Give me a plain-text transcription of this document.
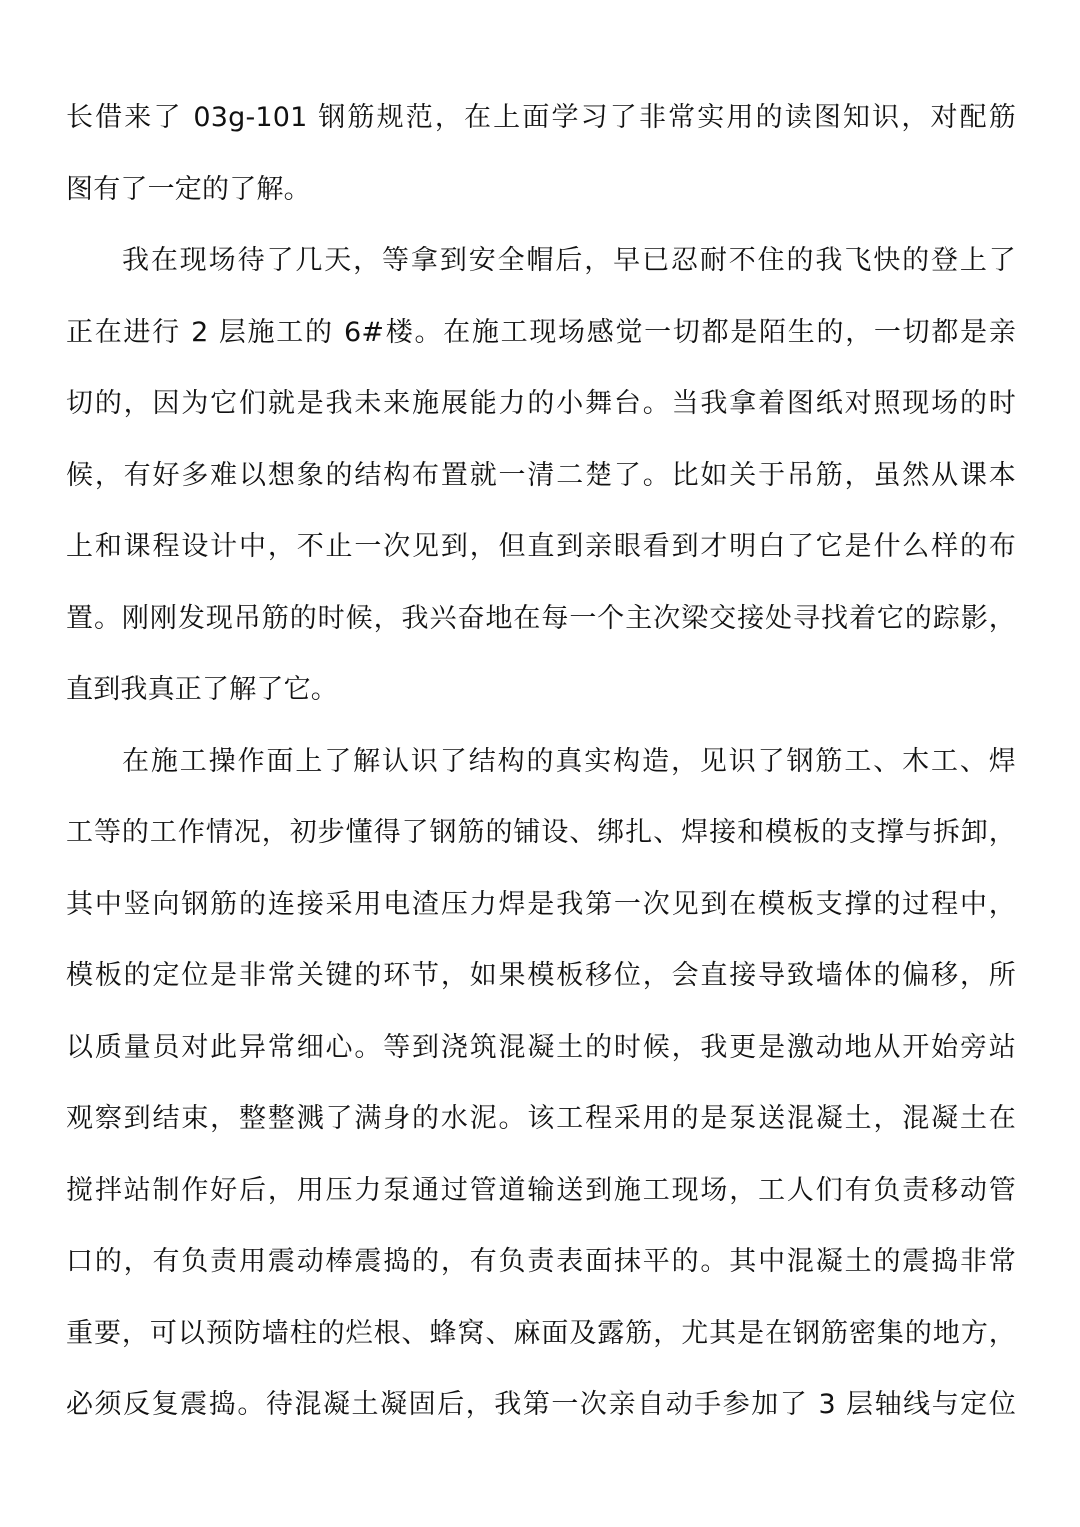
长借来了 03g-101 钢筋规范，在上面学习了非常实用的读图知识，对配筋
图有了一定的了解。
我在现场待了几天，等拿到安全帽后，早已忍耐不住的我飞快的登上了
正在进行 2 层施工的 6#楼。在施工现场感觉一切都是陌生的，一切都是亲
切的，因为它们就是我未来施展能力的小舞台。当我拿着图纸对照现场的时
候，有好多难以想象的结构布置就一清二楚了。比如关于吊筋，虽然从课本
上和课程设计中，不止一次见到，但直到亲眼看到才明白了它是什么样的布
置。刚刚发现吊筋的时候，我兴奋地在每一个主次梁交接处寻找着它的踪影，
直到我真正了解了它。
在施工操作面上了解认识了结构的真实构造，见识了钢筋工、木工、焊
工等的工作情况，初步懂得了钢筋的铺设、绑扎、焊接和模板的支撑与拆卸，
其中竖向钢筋的连接采用电渣压力焊是我第一次见到在模板支撑的过程中，
模板的定位是非常关键的环节，如果模板移位，会直接导致墙体的偏移，所
以质量员对此异常细心。等到浇筑混凝土的时候，我更是激动地从开始旁站
观察到结束，整整溅了满身的水泥。该工程采用的是泵送混凝土，混凝土在
搅拌站制作好后，用压力泵通过管道输送到施工现场，工人们有负责移动管
口的，有负责用震动棒震捣的，有负责表面抹平的。其中混凝土的震捣非常
重要，可以预防墙柱的烂根、蜂窝、麻面及露筋，尤其是在钢筋密集的地方，
必须反复震捣。待混凝土凝固后，我第一次亲自动手参加了 3 层轴线与定位
